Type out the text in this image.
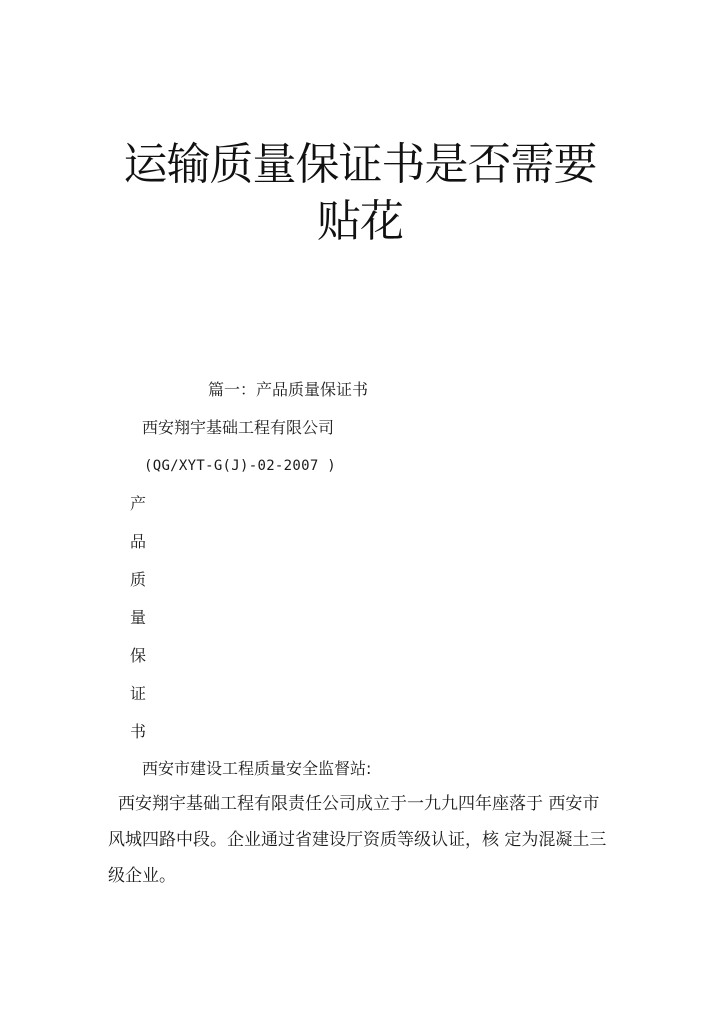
运输质量保证书是否需要
贴花
篇一：产品质量保证书
西安翔宇基础工程有限公司
(QG/XYT-G(J)-02-2007 )
产
品
质
量
保
证
书
西安市建设工程质量安全监督站:
西安翔宇基础工程有限责任公司成立于一九九四年座落于 西安市
风城四路中段。企业通过省建设厅资质等级认证，核 定为混凝土三
级企业。
